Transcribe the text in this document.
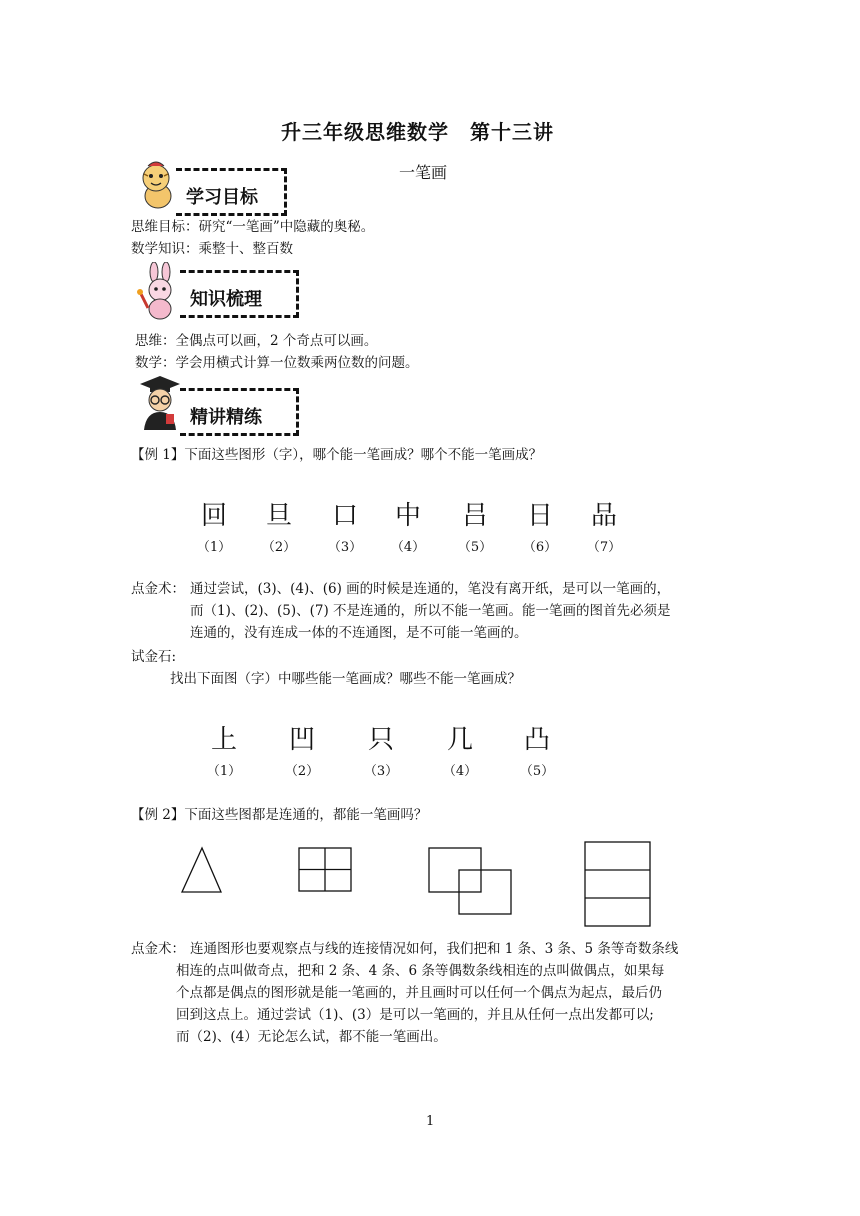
升三年级思维数学　第十三讲
一笔画
学习目标
思维目标：研究“一笔画”中隐藏的奥秘。
数学知识：乘整十、整百数
知识梳理
思维：全偶点可以画，2 个奇点可以画。
数学：学会用横式计算一位数乘两位数的问题。
精讲精练
【例 1】下面这些图形（字），哪个能一笔画成？哪个不能一笔画成？
回 旦 口 中 吕 日 品
（1） （2） （3） （4）	（5） （6） （7）
点金术： 通过尝试，(3)、(4)、(6) 画的时候是连通的，笔没有离开纸，是可以一笔画的，
而（1)、(2)、(5)、(7) 不是连通的，所以不能一笔画。能一笔画的图首先必须是
连通的，没有连成一体的不连通图，是不可能一笔画的。
试金石:
找出下面图（字）中哪些能一笔画成？哪些不能一笔画成？
上 凹 只 几 凸
（1）	（2）	（3）	（4）	（5）
【例 2】下面这些图都是连通的，都能一笔画吗？
点金术： 连通图形也要观察点与线的连接情况如何，我们把和 1 条、3 条、5 条等奇数条线
相连的点叫做奇点，把和 2 条、4 条、6 条等偶数条线相连的点叫做偶点，如果每
个点都是偶点的图形就是能一笔画的，并且画时可以任何一个偶点为起点，最后仍
回到这点上。通过尝试（1)、(3）是可以一笔画的，并且从任何一点出发都可以;
而（2)、(4）无论怎么试，都不能一笔画出。
1
